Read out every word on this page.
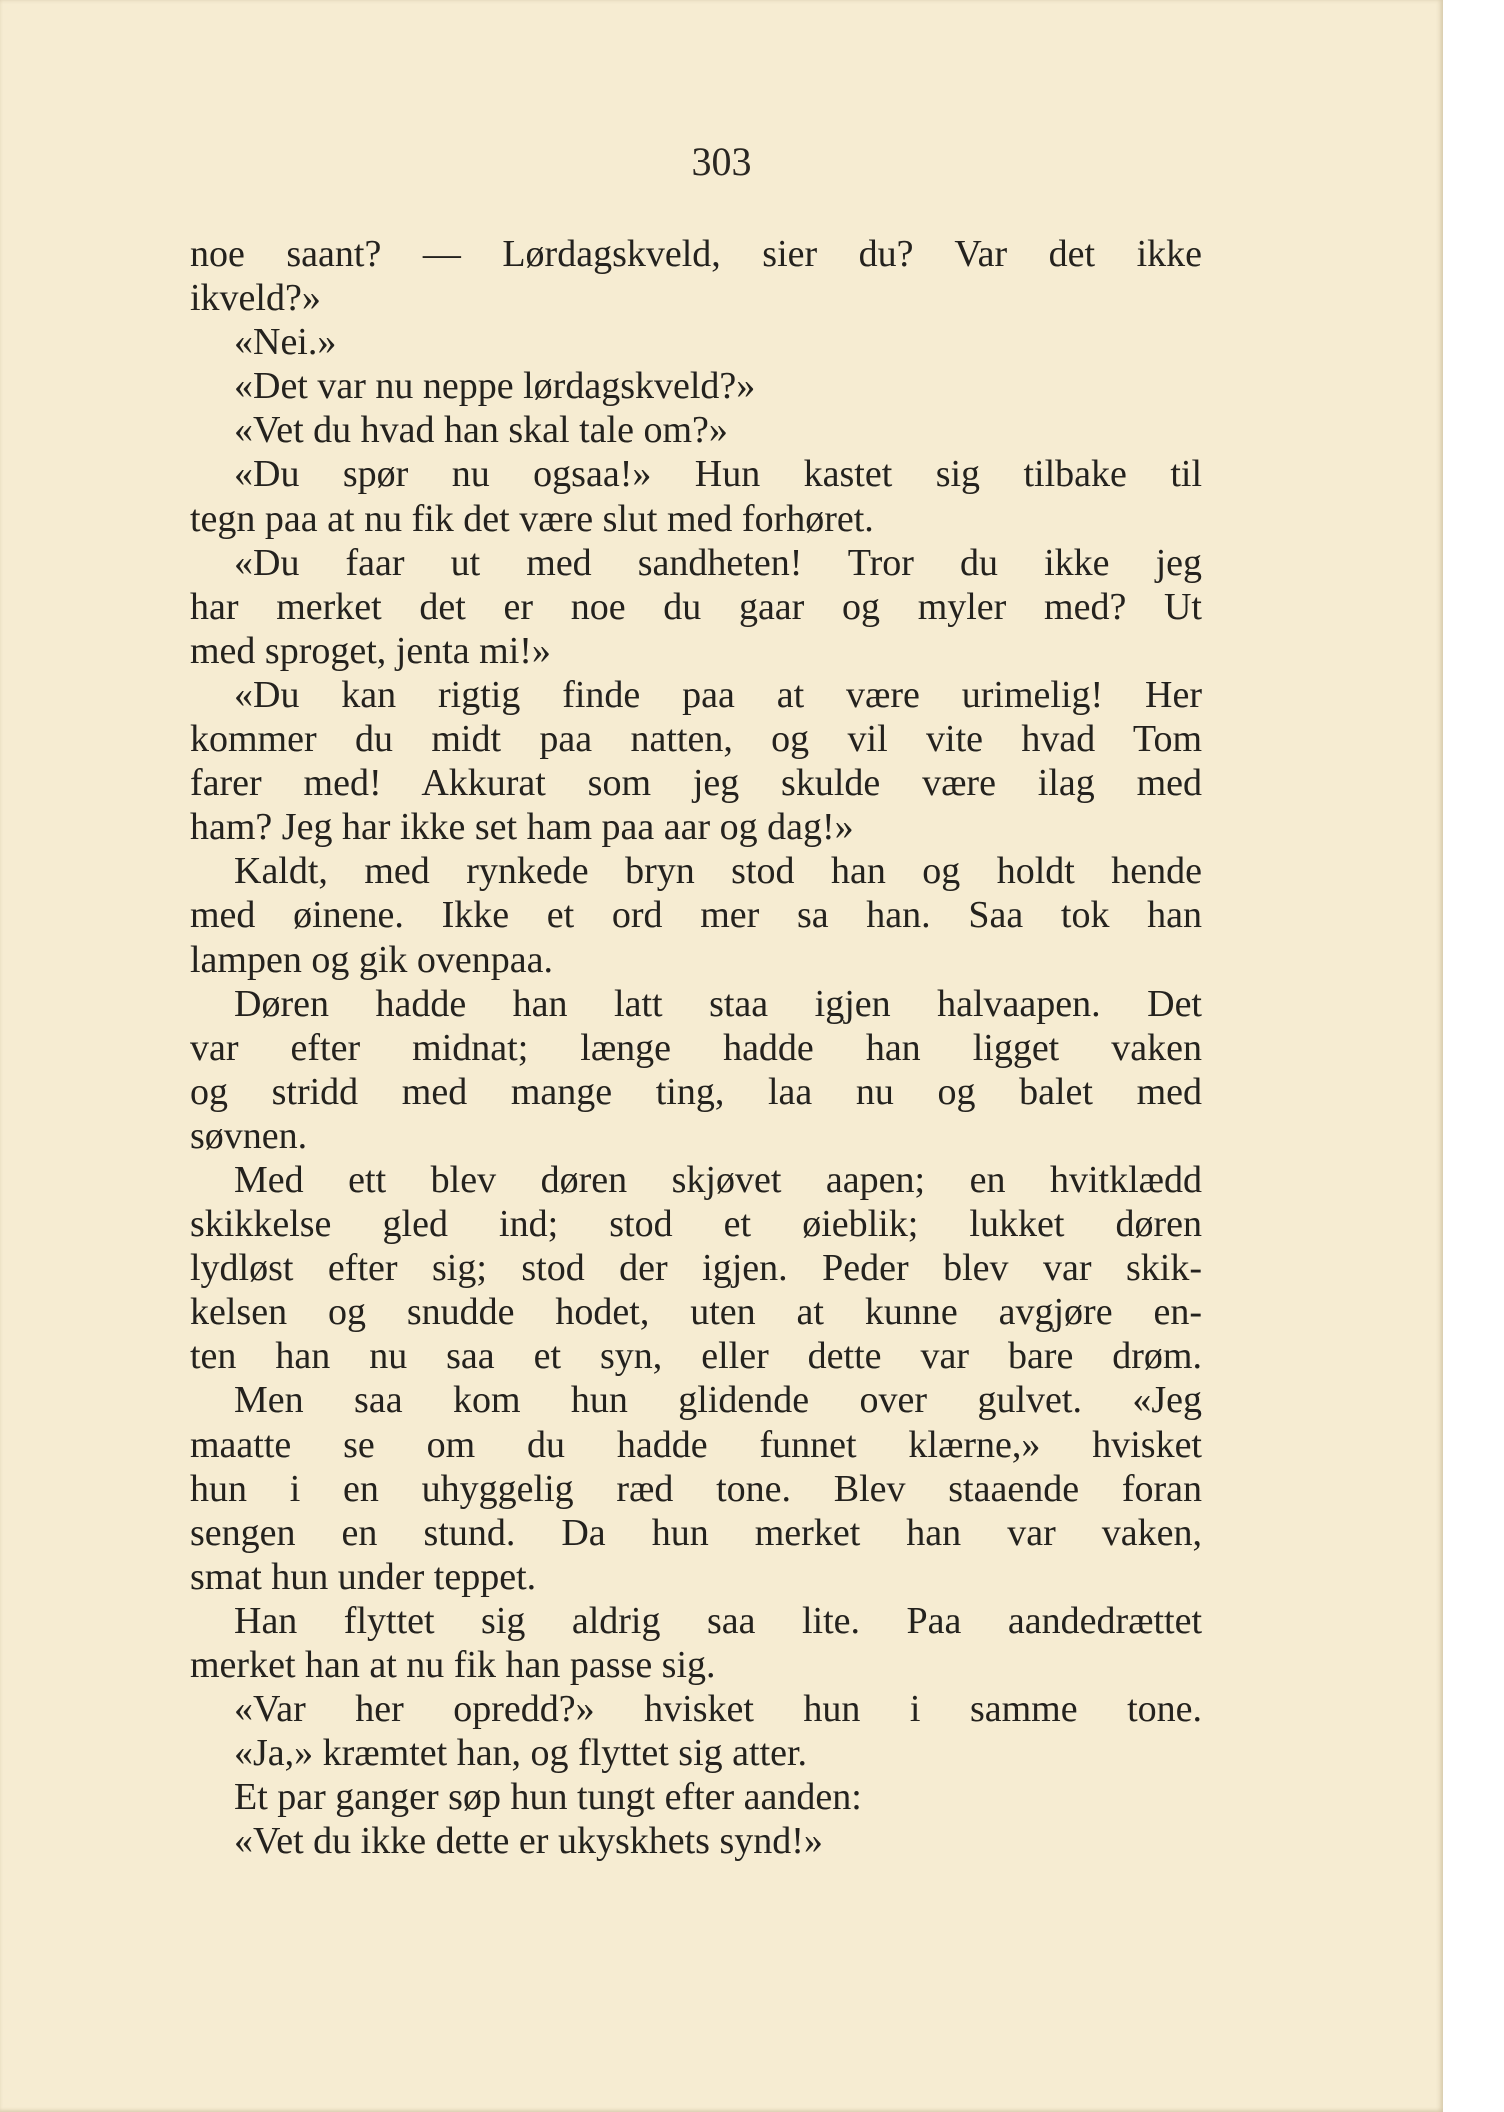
303
noe saant? — Lørdagskveld, sier du? Var det ikke
ikveld?»
«Nei.»
«Det var nu neppe lørdagskveld?»
«Vet du hvad han skal tale om?»
«Du spør nu ogsaa!» Hun kastet sig tilbake til
tegn paa at nu fik det være slut med forhøret.
«Du faar ut med sandheten! Tror du ikke jeg
har merket det er noe du gaar og myler med? Ut
med sproget, jenta mi!»
«Du kan rigtig finde paa at være urimelig! Her
kommer du midt paa natten, og vil vite hvad Tom
farer med! Akkurat som jeg skulde være ilag med
ham? Jeg har ikke set ham paa aar og dag!»
Kaldt, med rynkede bryn stod han og holdt hende
med øinene. Ikke et ord mer sa han. Saa tok han
lampen og gik ovenpaa.
Døren hadde han latt staa igjen halvaapen. Det
var efter midnat; længe hadde han ligget vaken
og stridd med mange ting, laa nu og balet med
søvnen.
Med ett blev døren skjøvet aapen; en hvitklædd
skikkelse gled ind; stod et øieblik; lukket døren
lydløst efter sig; stod der igjen. Peder blev var skik-
kelsen og snudde hodet, uten at kunne avgjøre en-
ten han nu saa et syn, eller dette var bare drøm.
Men saa kom hun glidende over gulvet. «Jeg
maatte se om du hadde funnet klærne,» hvisket
hun i en uhyggelig ræd tone. Blev staaende foran
sengen en stund. Da hun merket han var vaken,
smat hun under teppet.
Han flyttet sig aldrig saa lite. Paa aandedrættet
merket han at nu fik han passe sig.
«Var her opredd?» hvisket hun i samme tone.
«Ja,» kræmtet han, og flyttet sig atter.
Et par ganger søp hun tungt efter aanden:
«Vet du ikke dette er ukyskhets synd!»
